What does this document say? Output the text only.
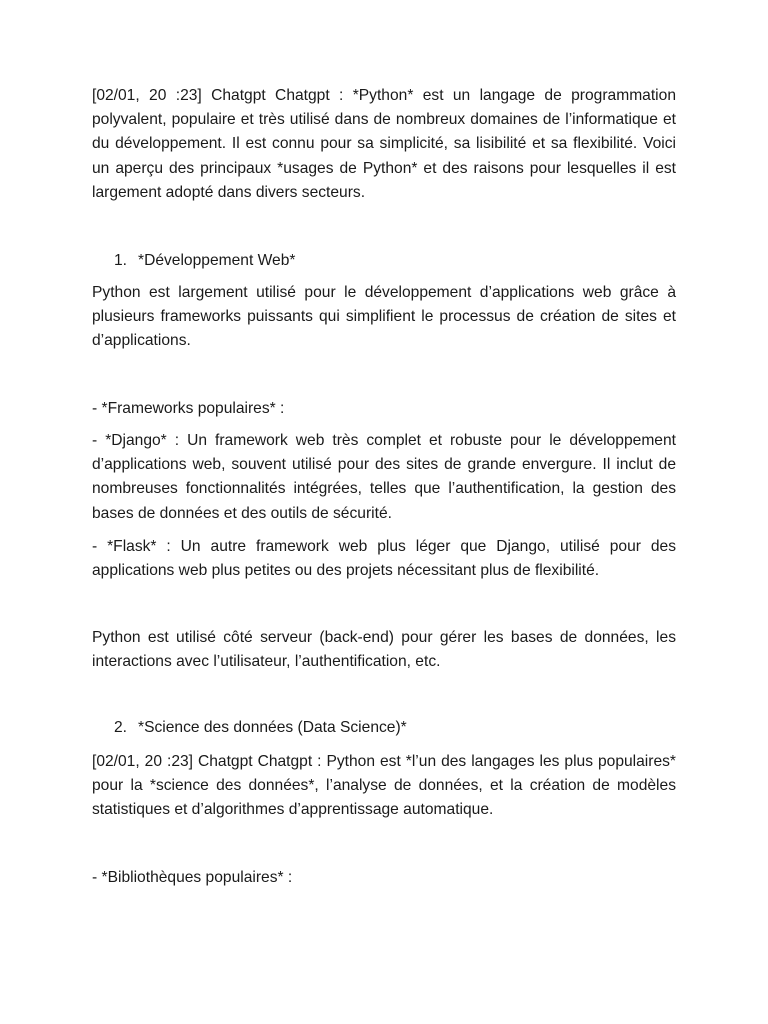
[02/01, 20 :23] Chatgpt Chatgpt : *Python* est un langage de programmation polyvalent, populaire et très utilisé dans de nombreux domaines de l’informatique et du développement. Il est connu pour sa simplicité, sa lisibilité et sa flexibilité. Voici un aperçu des principaux *usages de Python* et des raisons pour lesquelles il est largement adopté dans divers secteurs.

1. *Développement Web*

Python est largement utilisé pour le développement d’applications web grâce à plusieurs frameworks puissants qui simplifient le processus de création de sites et d’applications.

- *Frameworks populaires* :

- *Django* : Un framework web très complet et robuste pour le développement d’applications web, souvent utilisé pour des sites de grande envergure. Il inclut de nombreuses fonctionnalités intégrées, telles que l’authentification, la gestion des bases de données et des outils de sécurité.

- *Flask* : Un autre framework web plus léger que Django, utilisé pour des applications web plus petites ou des projets nécessitant plus de flexibilité.

Python est utilisé côté serveur (back-end) pour gérer les bases de données, les interactions avec l’utilisateur, l’authentification, etc.

2. *Science des données (Data Science)*

[02/01, 20 :23] Chatgpt Chatgpt : Python est *l’un des langages les plus populaires* pour la *science des données*, l’analyse de données, et la création de modèles statistiques et d’algorithmes d’apprentissage automatique.

- *Bibliothèques populaires* :
